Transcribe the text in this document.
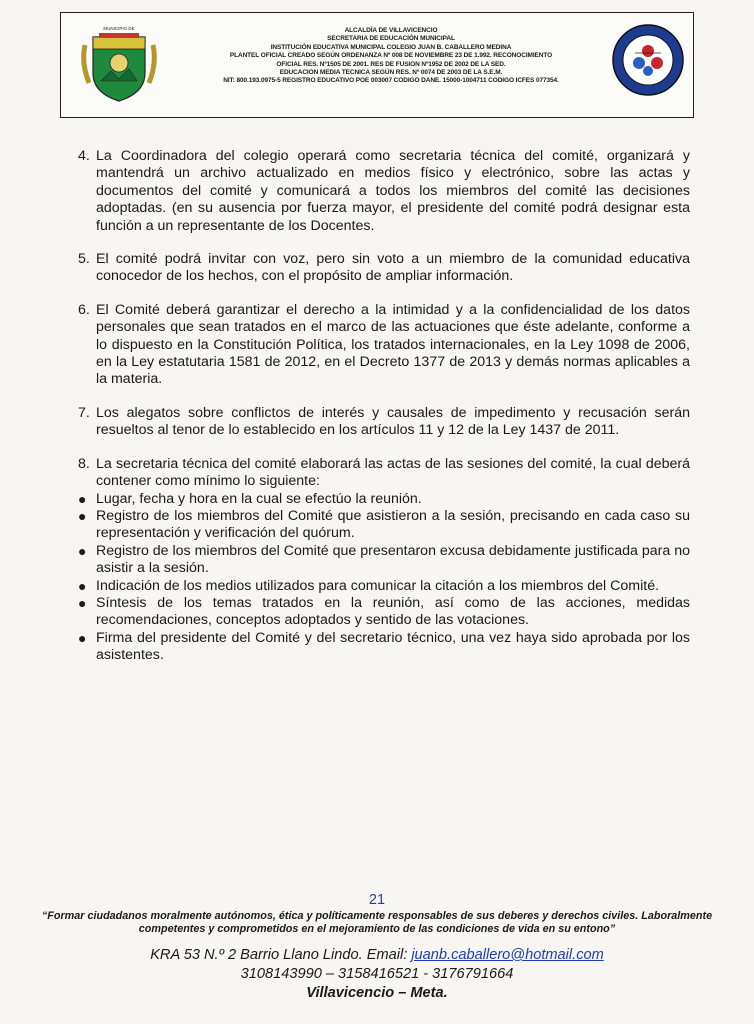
MUNICIPIO DE	ALCALDÍA DE VILLAVICENCIO
SECRETARIA DE EDUCACIÓN MUNICIPAL
INSTITUCIÓN EDUCATIVA MUNICIPAL COLEGIO JUAN B. CABALLERO MEDINA
PLANTEL OFICIAL CREADO SEGÚN ORDENANZA Nº 008 DE NOVIEMBRE 23 DE 1.992. RECONOCIMIENTO
OFICIAL RES. Nº1505 DE 2001. RES DE FUSION Nº1952 DE 2002 DE LA SED.
EDUCACION MEDIA TECNICA SEGÚN RES. Nº 0074 DE 2003 DE LA S.E.M.
NIT: 800.193.0975-5 REGISTRO EDUCATIVO POE 003007 CODIGO DANE. 15000-1004711 CODIGO ICFES 077354.
4. La Coordinadora del colegio operará como secretaria técnica del comité, organizará y mantendrá un archivo actualizado en medios físico y electrónico, sobre las actas y documentos del comité y comunicará a todos los miembros del comité las decisiones adoptadas. (en su ausencia por fuerza mayor, el presidente del comité podrá designar esta función a un representante de los Docentes.
5. El comité podrá invitar con voz, pero sin voto a un miembro de la comunidad educativa conocedor de los hechos, con el propósito de ampliar información.
6. El Comité deberá garantizar el derecho a la intimidad y a la confidencialidad de los datos personales que sean tratados en el marco de las actuaciones que éste adelante, conforme a lo dispuesto en la Constitución Política, los tratados internacionales, en la Ley 1098 de 2006, en la Ley estatutaria 1581 de 2012, en el Decreto 1377 de 2013 y demás normas aplicables a la materia.
7. Los alegatos sobre conflictos de interés y causales de impedimento y recusación serán resueltos al tenor de lo establecido en los artículos 11 y 12 de la Ley 1437 de 2011.
8. La secretaria técnica del comité elaborará las actas de las sesiones del comité, la cual deberá contener como mínimo lo siguiente:
● Lugar, fecha y hora en la cual se efectúo la reunión.
● Registro de los miembros del Comité que asistieron a la sesión, precisando en cada caso su representación y verificación del quórum.
● Registro de los miembros del Comité que presentaron excusa debidamente justificada para no asistir a la sesión.
● Indicación de los medios utilizados para comunicar la citación a los miembros del Comité.
● Síntesis de los temas tratados en la reunión, así como de las acciones, medidas recomendaciones, conceptos adoptados y sentido de las votaciones.
● Firma del presidente del Comité y del secretario técnico, una vez haya sido aprobada por los asistentes.
21
“Formar ciudadanos moralmente autónomos, ética y políticamente responsables de sus deberes y derechos civiles. Laboralmente
competentes y comprometidos en el mejoramiento de las condiciones de vida en su entono”
KRA 53 N.º 2 Barrio Llano Lindo. Email: juanb.caballero@hotmail.com
3108143990 – 3158416521 - 3176791664
Villavicencio – Meta.
